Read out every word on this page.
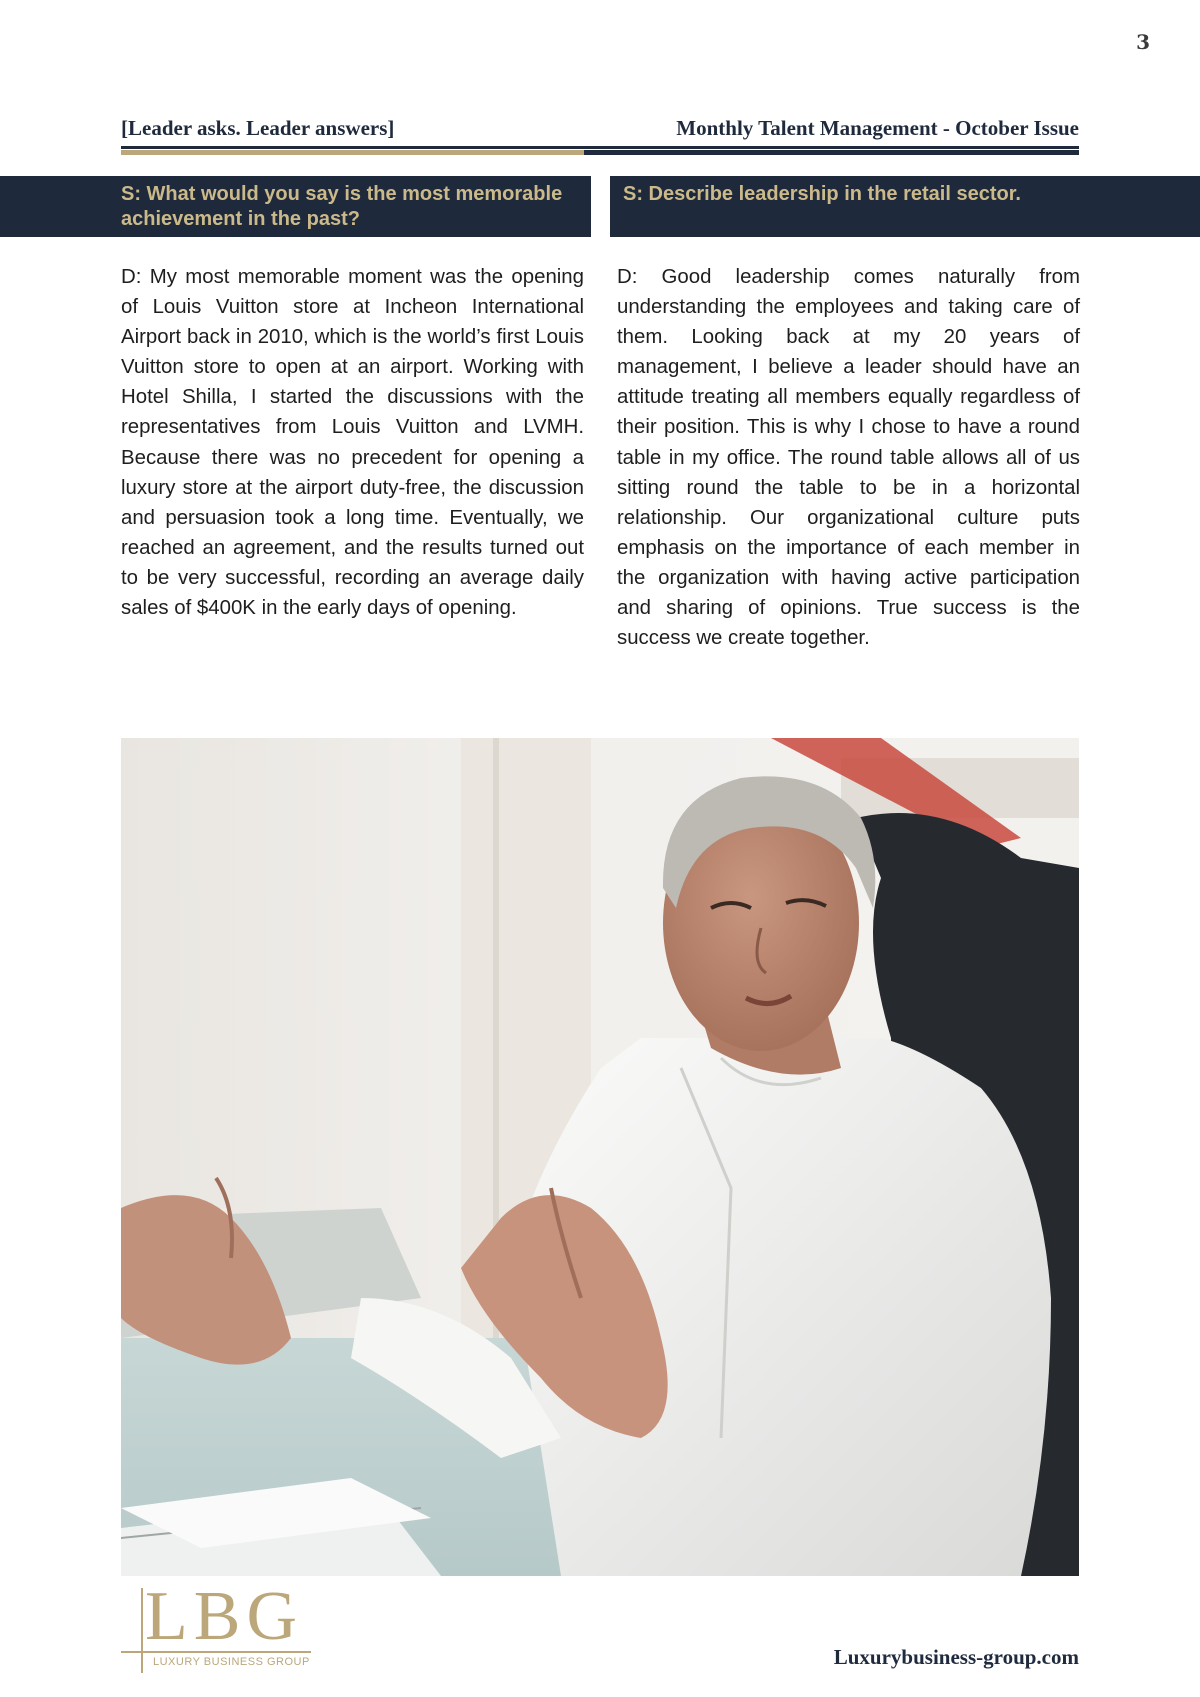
3
[Leader asks. Leader answers]	Monthly Talent Management - October Issue
S: What would you say is the most memorable achievement in the past?
S: Describe leadership in the retail sector.
D: My most memorable moment was the opening of Louis Vuitton store at Incheon International Airport back in 2010, which is the world’s first Louis Vuitton store to open at an airport. Working with Hotel Shilla, I started the discussions with the representatives from Louis Vuitton and LVMH. Because there was no precedent for opening a luxury store at the airport duty-free, the discussion and persuasion took a long time. Eventually, we reached an agreement, and the results turned out to be very successful, recording an average daily sales of $400K in the early days of opening.
D: Good leadership comes naturally from understanding the employees and taking care of them. Looking back at my 20 years of management, I believe a leader should have an attitude treating all members equally regardless of their position. This is why I chose to have a round table in my office. The round table allows all of us sitting round the table to be in a horizontal relationship. Our organizational culture puts emphasis on the importance of each member in the organization with having active participation and sharing of opinions. True success is the success we create together.
LBG
LUXURY BUSINESS GROUP	Luxurybusiness-group.com
